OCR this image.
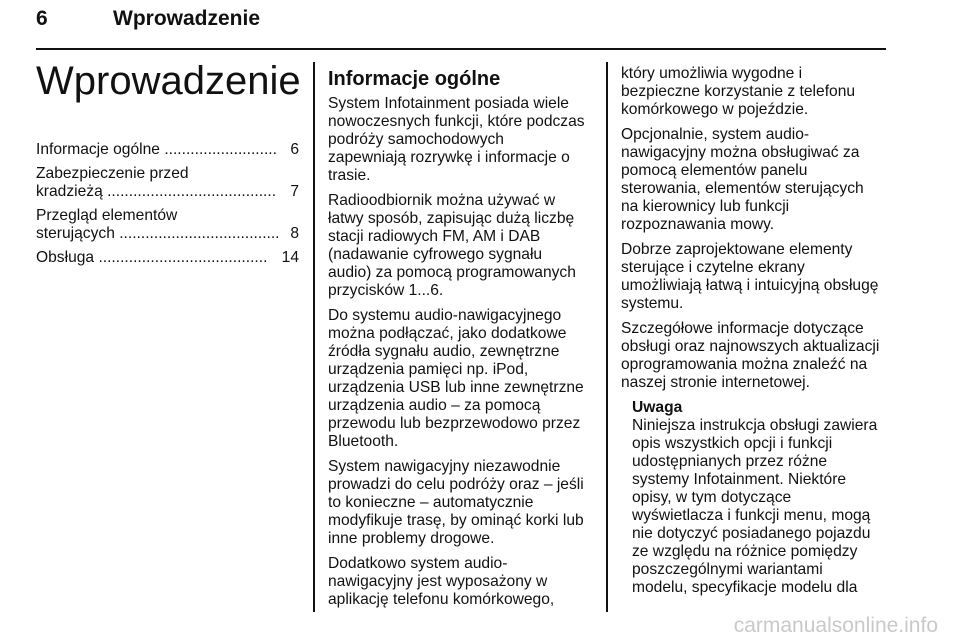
6	Wprowadzenie
Wprowadzenie
Informacje ogólne
..........................
6
Zabezpieczenie przed
kradzieżą
.......................................
7
Przegląd elementów
sterujących
.....................................
8
Obsługa
.......................................
14
Informacje ogólne

System Infotainment posiada wiele
nowoczesnych funkcji, które podczas
podróży samochodowych
zapewniają rozrywkę i informacje o
trasie.

Radioodbiornik można używać w
łatwy sposób, zapisując dużą liczbę
stacji radiowych FM, AM i DAB
(nadawanie cyfrowego sygnału
audio) za pomocą programowanych
przycisków 1...6.

Do systemu audio-nawigacyjnego
można podłączać, jako dodatkowe
źródła sygnału audio, zewnętrzne
urządzenia pamięci np. iPod,
urządzenia USB lub inne zewnętrzne
urządzenia audio – za pomocą
przewodu lub bezprzewodowo przez
Bluetooth.

System nawigacyjny niezawodnie
prowadzi do celu podróży oraz – jeśli
to konieczne – automatycznie
modyfikuje trasę, by ominąć korki lub
inne problemy drogowe.

Dodatkowo system audio-
nawigacyjny jest wyposażony w
aplikację telefonu komórkowego,

który umożliwia wygodne i
bezpieczne korzystanie z telefonu
komórkowego w pojeździe.

Opcjonalnie, system audio-
nawigacyjny można obsługiwać za
pomocą elementów panelu
sterowania, elementów sterujących
na kierownicy lub funkcji
rozpoznawania mowy.

Dobrze zaprojektowane elementy
sterujące i czytelne ekrany
umożliwiają łatwą i intuicyjną obsługę
systemu.

Szczegółowe informacje dotyczące
obsługi oraz najnowszych aktualizacji
oprogramowania można znaleźć na
naszej stronie internetowej.

Uwaga
Niniejsza instrukcja obsługi zawiera
opis wszystkich opcji i funkcji
udostępnianych przez różne
systemy Infotainment. Niektóre
opisy, w tym dotyczące
wyświetlacza i funkcji menu, mogą
nie dotyczyć posiadanego pojazdu
ze względu na różnice pomiędzy
poszczególnymi wariantami
modelu, specyfikacje modelu dla
carmanualsonline.info
